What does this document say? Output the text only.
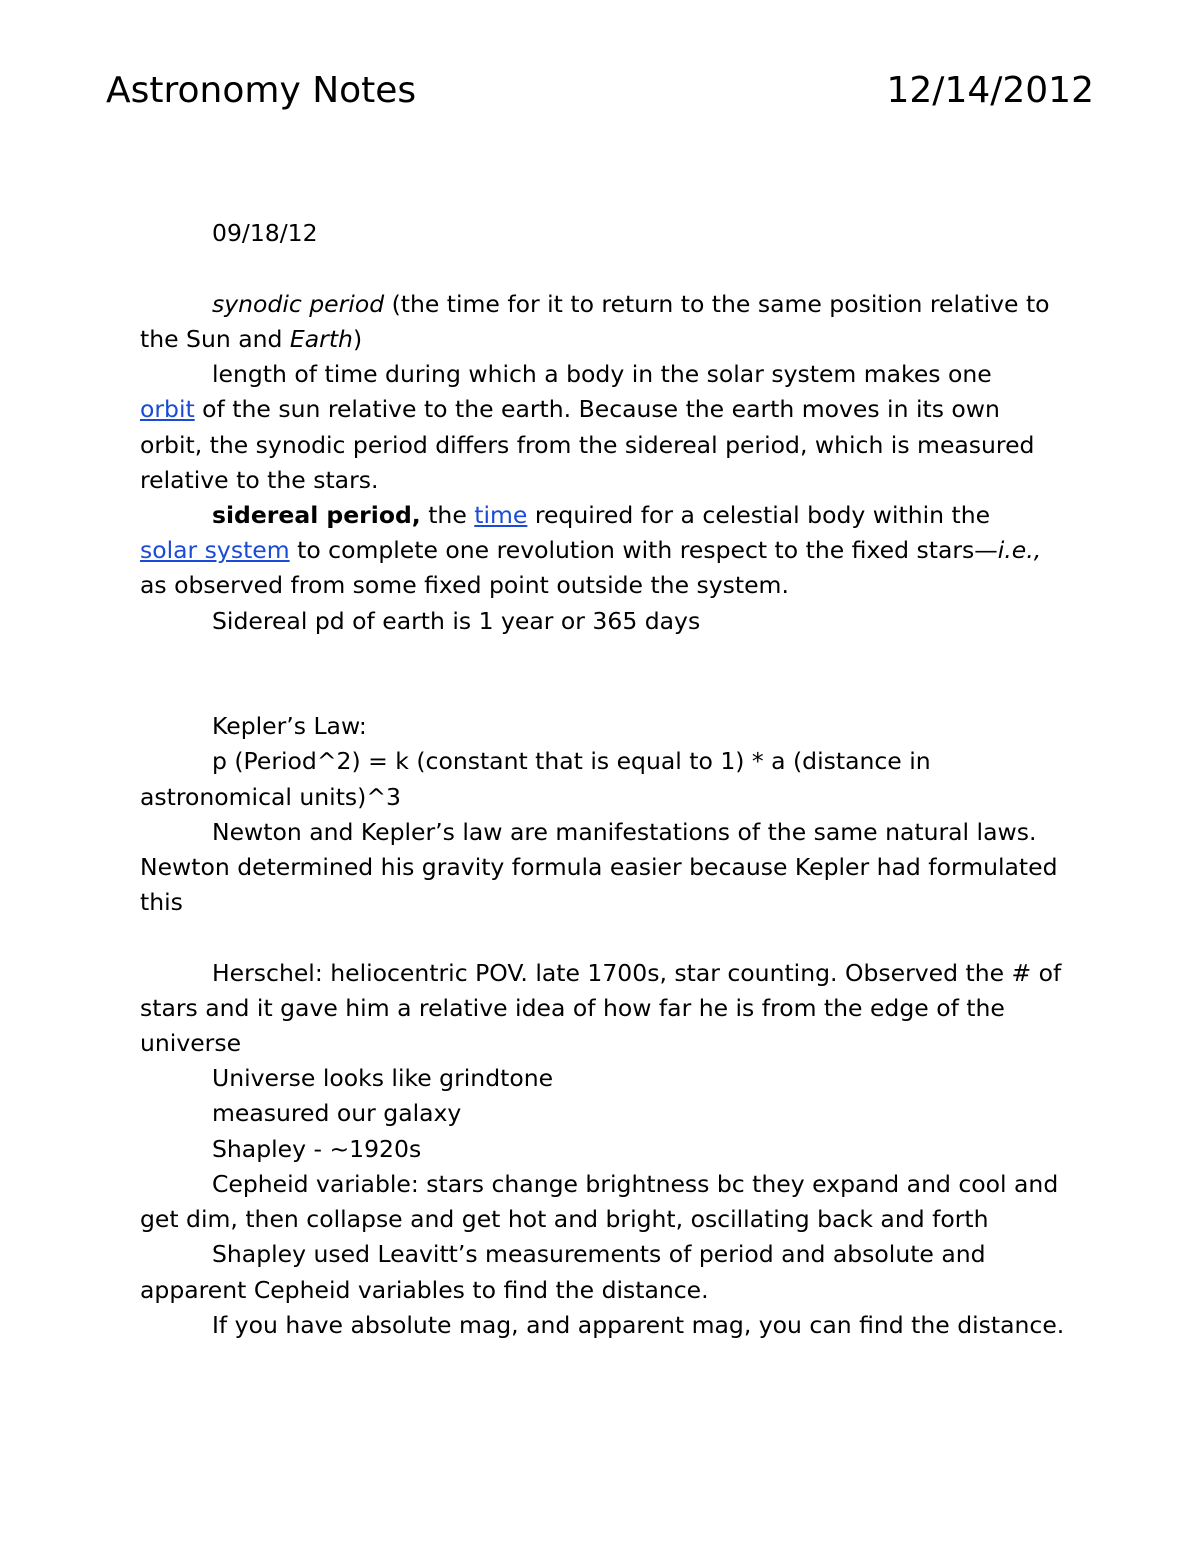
Astronomy Notes	12/14/2012

09/18/12

synodic period (the time for it to return to the same position relative to the Sun and Earth)

length of time during which a body in the solar system makes one
orbit of the sun relative to the earth. Because the earth moves in its own orbit, the synodic period differs from the sidereal period, which is measured relative to the stars.

sidereal period, the time required for a celestial body within the
solar system to complete one revolution with respect to the fixed stars—i.e.,
as observed from some fixed point outside the system.

Sidereal pd of earth is 1 year or 365 days

Kepler’s Law:

p (Period^2) = k (constant that is equal to 1) * a (distance in astronomical units)^3

Newton and Kepler’s law are manifestations of the same natural laws. Newton determined his gravity formula easier because Kepler had formulated this

Herschel: heliocentric POV. late 1700s, star counting. Observed the # of stars and it gave him a relative idea of how far he is from the edge of the universe

Universe looks like grindtone

measured our galaxy

Shapley - ~1920s

Cepheid variable: stars change brightness bc they expand and cool and get dim, then collapse and get hot and bright, oscillating back and forth

Shapley used Leavitt’s measurements of period and absolute and apparent Cepheid variables to find the distance.

If you have absolute mag, and apparent mag, you can find the distance.
